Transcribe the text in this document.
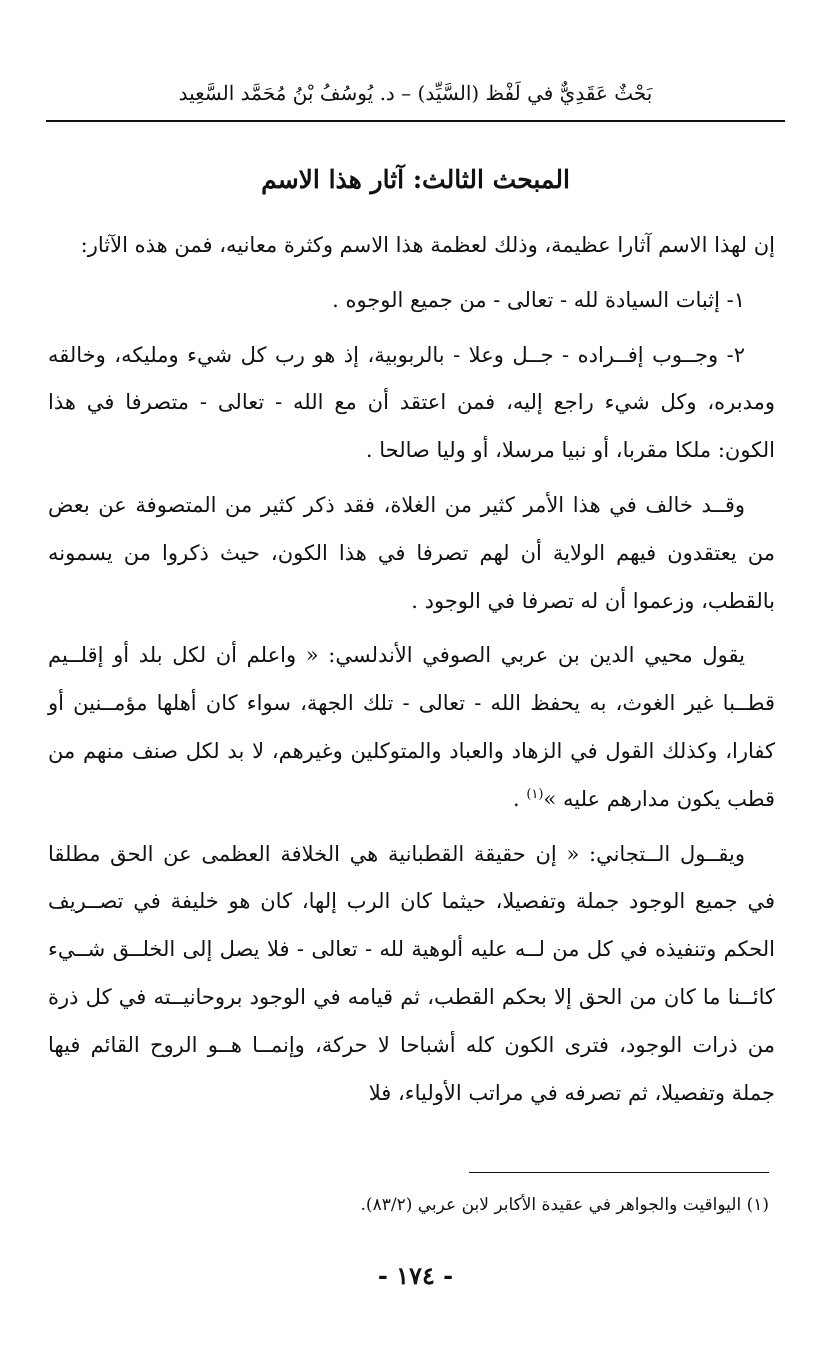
بَحْثٌ عَقَدِيٌّ في لَفْظ (السَّيِّد) – د. يُوسُفُ بْنُ مُحَمَّد السَّعِيد
المبحث الثالث: آثار هذا الاسم

إن لهذا الاسم آثارا عظيمة، وذلك لعظمة هذا الاسم وكثرة معانيه، فمن هذه الآثار:

١- إثبات السيادة لله - تعالى - من جميع الوجوه .

٢- وجــوب إفــراده - جــل وعلا - بالربوبية، إذ هو رب كل شيء ومليكه، وخالقه ومدبره، وكل شيء راجع إليه، فمن اعتقد أن مع الله - تعالى - متصرفا في هذا الكون: ملكا مقربا، أو نبيا مرسلا، أو وليا صالحا .

وقــد خالف في هذا الأمر كثير من الغلاة، فقد ذكر كثير من المتصوفة عن بعض من يعتقدون فيهم الولاية أن لهم تصرفا في هذا الكون، حيث ذكروا من يسمونه بالقطب، وزعموا أن له تصرفا في الوجود .

يقول محيي الدين بن عربي الصوفي الأندلسي: « واعلم أن لكل بلد أو إقلــيم قطــبا غير الغوث، به يحفظ الله - تعالى - تلك الجهة، سواء كان أهلها مؤمــنين أو كفارا، وكذلك القول في الزهاد والعباد والمتوكلين وغيرهم، لا بد لكل صنف منهم من قطب يكون مدارهم عليه »$^{(١)}$ .

ويقــول الــتجاني: « إن حقيقة القطبانية هي الخلافة العظمى عن الحق مطلقا في جميع الوجود جملة وتفصيلا، حيثما كان الرب إلها، كان هو خليفة في تصــريف الحكم وتنفيذه في كل من لــه عليه ألوهية لله - تعالى - فلا يصل إلى الخلــق شــيء كائــنا ما كان من الحق إلا بحكم القطب، ثم قيامه في الوجود بروحانيــته في كل ذرة من ذرات الوجود، فترى الكون كله أشباحا لا حركة، وإنمــا هــو الروح القائم فيها جملة وتفصيلا، ثم تصرفه في مراتب الأولياء، فلا

(١) اليواقيت والجواهر في عقيدة الأكابر لابن عربي (٨٣/٢).
- ١٧٤ -
